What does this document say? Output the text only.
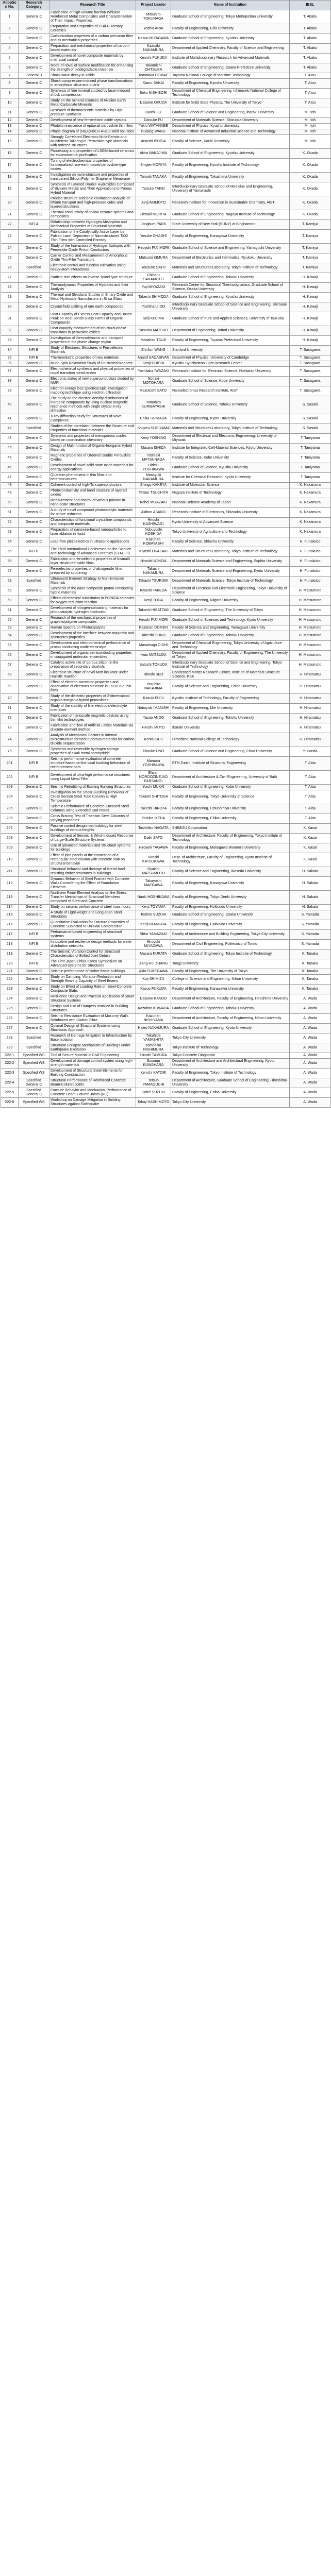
Adoption No.	Research Category	Research Title	Project Leader	Name of Institution	IBSL
1	General C	Fabrication of high-volume fraction Whisker Reinforced Metal Composites and Characterization of Their Impact Properties	Mitsuhiro TOKUNAGA	Graduate School of Engineering, Tokyo Metropolitan University	T. Akabu
2	General C	Preparation and Properties of Ti-Al-C Ternary Ceramics	Yoshio ARAI	Faculty of Engineering, Gifu University	T. Akabu
3	General C	Carbonization properties of a carbon precursor fiber and its mechanical properties	Nasuo MIYAGAWA	Graduate School of Engineering, Kyushu University	T. Akabu
4	General C	Preparation and mechanical properties of carbon-based materials	Kazuaki NAKAMURA	Department of Applied Chemistry, Faculty of Science and Engineering	T. Akabu
5	General C	Development of novel composite materials by interfacial control	Kenichi FUKUDA	Institute of Multidisciplinary Research for Advanced Materials	T. Akabu
6	General C	Mode of novel of surface modification for enhancing the strength of biodegradable materials	Takamichi OHTSUKA	Graduate School of Engineering, Osaka Prefecture University	T. Akabu
7	General B	Shock wave decay in solids	Tomotaka HOMAE	Toyama National College of Maritime Technology	T. Atou
8	General C	Shock-compression-induced phase transformations in amorphous silica and quartz	Kaoru SAKAI	Faculty of Engineering, Kyushu University	T. Atou
9	General C	Synthesis of fine mineral studied by laser-induced shock compression	Eriko NISHIBORI	Department of Chemical Engineering, Ichinoseki National College of Technology	T. Atou
10	General C	Study on the mineral sciences of Alkaline Earth Metal Carbonate Minerals	Daisuke OKUDA	Institute for Solid State Physics, The University of Tokyo	T. Atou
11	General C	Research of thermoelectric materials by High pressure Synthesis	Daichi FU	Graduate School of Science and Engineering, Ibaraki University	M. Itoh
12	General C	Development of new ferroelectric oxide crystals	Daisuke FU	Department of Materials Science, Shizuoka University	M. Itoh
13	General C	Photoluminescence of epitaxial perovskite thin films	Yukio WATANABE	Department of Physics, Kyushu University	M. Itoh
14	General C	Phase diagram of (Na,K)NbO3-ABO3 solid solutions	Ruiping WANG	National Institute of Advanced Industrial Science and Technology	M. Itoh
15	General C	Strongly Correlated Electronic Multi-Ferroic and Multiferroic Tailoring in Perovskite-type Materials with ordered structures	Atsushi ISHIDA	Faculty of Science, Kochi University	M. Itoh
16	General C	Processing and properties of LSGM-based ceramics for environmental purification	Akira NAKAJIMA	Graduate School of Engineering, Kyushu University	K. Okada
17	General C	Tuning of electrochemical properties of functionalized rare-earth-based perovskite-type oxides	Shigeo MORIYA	Faculty of Engineering, Kyushu Institute of Technology	K. Okada
18	General C	Investigation on nano-structure and properties of transparent Silicon Polymer Graphene Membrane	Tomoki TANAKA	Faculty of Engineering, Tokushima University	K. Okada
19	General C	Synthesis of Layered Double Hydroxides Composed of Bivalent Metals and Their Applications to Porous Hybrid Material	Tatsuro TAKEI	Interdisciplinary Graduate School of Medicine and Engineering, University of Yamanashi	K. Okada
20	General C	Precise structure and ionic conduction analysis of lithium transport and high-pressure cubic and layered structures	Junji AKIMOTO	Research Institute for Innovation in Sustainable Chemistry, AIST	K. Okada
21	General C	Thermal conductivity of hollow ceramic spheres and composites	Hiroaki MORITA	Graduate School of Engineering, Nagoya Institute of Technology	K. Okada
22	NFI A	Relationship between Hydrogen Absorption and Mechanical Properties of Structural Materials	Jongbum PARK	State University of New York (SUNY) at Binghamton	T. Kamiya
23	General C	Fabrication of the Catalytically Active Layer by Pulsed Laser Deposition of Nanostructured TiO2 Thin Films with Controlled Porosity	Yosuke OHASHI	Faculty of Engineering, Kanagawa University	T. Kamiya
24	General C	Study of the Interaction of Hydrogen Isotopes with Perovskite Oxide Proton Conductors	Hiroyuki FUJIMORI	Graduate School of Science and Engineering, Yamaguchi University	T. Kamiya
25	General C	Carrier Control and Measurement of Amorphous Oxide Thin-Film Transistors	Mutsumi KIMURA	Department of Electronics and Informatics, Ryukoku University	T. Kamiya
26	Specified	Electronic control and function cultivation using heavy-atom interactions	Yousuke SATO	Materials and Structures Laboratory, Tokyo Institute of Technology	T. Kamiya
27	General C	Particle-size effects on inverse spinel type structure	Chiharu SAKAMOTO	Graduate School of Engineering, Tohoku University	H. Kawaji
28	General C	Thermodynamic Properties of Hydrates and their Analysis	Yuji MIYAZAKI	Research Center for Structural Thermodynamics, Graduate School of Science, Osaka University	H. Kawaji
29	General C	Thermal and Structural Studies of Binary Oxide and Metal Hydroxide Nanoclusters in Silica Glass	Takeshi SHIMODA	Graduate School of Engineering, Kyushu University	H. Kawaji
30	General C	Crystal-field splitting of rare earth compounds	Yoshiharu IDO	Interdisciplinary Graduate School of Science and Engineering, Shimane University	H. Kawaji
31	General C	Heat Capacity of Excess Heat Capacity and Boson Peak on Heat Bonds Glass Forms of Organic Compounds	Seiji KOJIMA	Graduate School of Pure and Applied Sciences, University of Tsukuba	H. Kawaji
32	General C	Heat capacity measurement of structural phase transitions in perovskite oxides	Susumu MATSUO	Department of Engineering, Tottori University	H. Kawaji
33	General C	Investigation of thermodynamic and transport properties in the phase change region	Masahiro TSUJI	Faculty of Engineering, Toyama Prefectural University	H. Kawaji
34	NFI B	Study of Electronic Structures in Ferroelectric Materials	Zhi-Jun WANG	Stanford University	T. Sasagawa
35	NFI B	Thermoelectric properties of new materials	Anand SADASIVAN	Department of Physics, University of Cambridge	T. Sasagawa
36	General C	Muon Spin Relaxation Study of Frustrated Magnets	Kenji OHISHI	Kyushu Synchrotron Light Research Center	T. Sasagawa
37	General C	Electrochemical synthesis and physical properties of novel transition metal oxides	Yoshitaka IWAZAKI	Research Institute for Electronic Science, Hokkaido University	T. Sasagawa
38	General C	Electronic states of new superconductors studied by NMR	Noriaki MOTOHARA	Graduate School of Science, Kobe University	T. Sasagawa
39	General C	Electron-energy loss spectroscopic investigation mapping technique using electron diffraction	Kazutoshi SATO	Nanoelectronics Research Institute, AIST	T. Sasagawa
40	General C	The study on the electron density distributions of inorganic compounds by using nuclear magnetic resonance methods with single crystal X-ray diffraction	Tomohiro KURIBAYASHI	Graduate School of Science, Tohoku University	S. Sasaki
41	General C	X-ray diffraction study for Structures of Novel Complexes	Chika SHIMADA	Faculty of Engineering, Kyoto University	S. Sasaki
42	Specified	Studies of the correlation between the Structure and Properties of functional materials	Shigeru SUGIYAMA	Materials and Structures Laboratory, Tokyo Institute of Technology	S. Sasaki
43	General C	Synthesis and properties of mesoporous oxides based on coordination chemistry	Kenji YOSHINO	Department of Electrical and Electronic Engineering, University of Miyazaki	T. Taniyama
44	General C	Design of Multi-functional Organic-Inorganic Hybrid Materials	Masaru ISHIDA	Institute for Integrated Cell-Material Sciences, Kyoto University	T. Taniyama
45	General C	Magnetic properties of Ordered Double Perovskite Oxides	Yoshiaki MATSUNAGA	Faculty of Science, Kobe University	T. Taniyama
46	General C	Development of novel solid-state oxide materials for energy applications	Hideki YOSHIKAWA	Graduate School of Science, Kyushu University	T. Taniyama
47	General C	Quantum phenomena in thin films and heterostructures	Masayuki NAKAMURA	Institute for Chemical Research, Kyoto University	T. Taniyama
48	General C	Coherent control of high-Tc superconductors	Shingo KAKEYA	Institute of Molecular Science	K. Nakamura
49	General C	Photoconductivity and band structure of layered oxides	Tetsuo TSUCHIYA	Nagoya Institute of Technology	K. Nakamura
50	General C	Measurement and control of various polaron in nano-scale structures	Kohei MIYAZAKI	National Defense Academy of Japan	K. Nakamura
51	General C	A study of novel compound photocatalytic materials for nitrate reduction	Akihiro ASANO	Research Institute of Electronics, Shizuoka University	K. Nakamura
52	General C	Characteristics of functional crystalline compounds and composite materials	Hiroshi KASHIWAGI	Kyoto University of Advanced Science	K. Nakamura
53	General C	Preparation of nanowire-based nanoparticles to laser ablation in liquid	Nobuyoshi KOSHIDA	Tokyo University of Agriculture and Technology	K. Nakamura
54	General C	Lead-free piezoelectrics in ultrasonic applications	Kazuhiro KOBAYASHI	Faculty of Science, Shinshu University	H. Funakubo
55	NFI B	The Third International Conference on the Science and Technology of Advanced Ceramics (STAC-III)	Kiyoshi OKAZAKI	Materials and Structures Laboratory, Tokyo Institute of Technology	H. Funakubo
56	General C	Fabrication and ferroelectric properties of bismuth layer-structured oxide films	Hiroshi UCHIDA	Department of Materials Science and Engineering, Sophia University	H. Funakubo
57	General C	Ferroelectric properties of chalcogenide films prepared by sputtering	Takashi NAKAMURA	Department of Materials Science and Engineering, Kyoto University	H. Funakubo
58	Specified	Ultrasound Element Strategy to Non-Emission Materials	Takashi TSURUMI	Department of Materials Science, Tokyo Institute of Technology	H. Funakubo
59	General C	Synthesis of the nano-composite proton-conducting hybrid materials	Kiyoshi TAKEDA	Department of Electrical and Electronic Engineering, Tokyo University of Science	H. Matsumoto
60	General C	Effects of chemical substitution in Pr2NiO4 cathodes for oxygen reduction reaction	Kenji TODA	Faculty of Engineering, Niigata University	H. Matsumoto
61	General C	Development of nitrogen-containing materials for photocatalytic hydrogen production	Takashi HISATOMI	Graduate School of Engineering, The University of Tokyo	H. Matsumoto
62	General C	Research of the mechanical properties of graphite/polymer composites	Hiroshi FUJIMORI	Graduate School of Sciences and Technology, Kyoto University	H. Matsumoto
63	General C	Raman Spectra on Photocatalysts	Kazunari DOMEN	Faculty of Science and Engineering, Tamagawa University	H. Matsumoto
64	General C	Development of the interface between magnetic and spintronics properties	Takeshi OHNO	Graduate School of Engineering, Tohoku University	H. Matsumoto
65	General C	Development and electrochemical performance of proton conducting oxide electrolyte	Masatsugu OISHI	Department of Chemical Engineering, Tokyo University of Agriculture and Technology	H. Matsumoto
66	General C	Development of organic semiconducting properties in conjugated molecular ensembles	Iwao MATSUDA	Department of Applied Chemistry, Faculty of Engineering, The University of Tokyo	H. Matsumoto
67	General C	Catalytic active site of porous silicon in the preparation of secondary alcohols	Satoshi TOKUDA	Interdisciplinary Graduate School of Science and Engineering, Tokyo Institute of Technology	H. Matsumoto
68	General C	Electronic structure of novel Mott insulator under realistic reaction	Hitoshi SEO	Condensed Matter Research Center, Institute of Materials Structure Science, KEK	H. Hiramatsu
69	General C	Effect of electron correction properties and observation of electrons structure in LaCuOSe thin films	Yasuhiro NAKAJIMA	Faculty of Science and Engineering, Chiba University	H. Hiramatsu
70	General C	Study of the dielectric properties of 2-dimensional organic-inorganic hybrid perovskites	Kazuki FUJII	Kyushu Institute of Technology, Faculty of Engineering	H. Hiramatsu
71	General C	Study of the stability of fine electrode/electrolyte interfaces	Nobuyuki IMANISHI	Faculty of Engineering, Mie University	H. Hiramatsu
72	General C	Fabrication of nanoscale magnetic devices using thin film technologies	Yasuo ANDO	Graduate School of Engineering, Tohoku University	H. Hiramatsu
73	General C	Fabrication and flow of Artificial Lattice Materials via discrete-element method	Hiroshi MUTO	Ibaraki University	H. Hiramatsu
74	General C	Analysis of Mechanical Factors in Internal microstructure formed in porous materials for carbon dioxide sequestration	Kenta ISHII	Hiroshima National College of Technology	H. Hiramatsu
75	General C	Synthesis and reversible hydrogen storage properties of alkali metal borohydride	Taisuke ONO	Graduate School of Science and Engineering, Chuo University	Y. Honda
201	NFI B	Seismic performance evaluation of concrete structure based on the local buckling behaviour of reinforcement bars	Mamoru YOSHIMURA	ETH Zurich, Institute of Structural Engineering	T. Aiba
202	NFI B	Development of ultra-high performance structures using Liquid Metal Filler	Ehsan NOROOZINEJAD FARSANGI	Department of Architecture & Civil Engineering, University of Bath	T. Aiba
203	General C	Seismic Retrofitting of Existing Building Structures	Yoichi MUKAI	Graduate School of Engineering, Kobe University	T. Aiba
204	General C	Investigation on the Shear Buckling Behaviour of Cross Section Steel Tube Column at High Temperature	Takashi SHITOGA	Faculty of Engineering, Tokyo University of Science	T. Aiba
205	General C	Seismic Performance of Concrete-Encased Steel Columns using Extended End Plates	Takeshi HIROTA	Faculty of Engineering, Utsunomiya University	T. Aiba
206	General C	Cross Bracing Test of T-section Steel Columns of varying properties	Yosuke IKEDA	Faculty of Engineering, Chiba University	T. Aiba
207	General C	Passive control design methodology for steel buildings of various heights	Toshihiko NAGATA	SHIMIZU Corporation	K. Kasai
208	General C	Development of Seismic & Wind-Induced Response of Large-Scale Structure Systems	Daiki SATO	Department of Architecture, Faculty of Engineering, Tokyo Institute of Technology	K. Kasai
209	General C	Use of advanced materials and structural systems for buildings	Hiroyuki TAGAWA	Faculty of Engineering, Mukogawa Women's University	K. Kasai
210	General C	Effect of joint panels at the connection of a rectangular steel column with concrete slab on structural behavior	Hiroshi KATSUKAWA	Dept. of Architecture, Faculty of Engineering, Kyoto Institute of Technology	K. Kasai
211	General C	Structural behavior and damage of lateral-load resisting timber structures in buildings	Ryuichi MATSUMOTO	Faculty of Science and Engineering, Waseda University	H. Sakata
212	General C	Dynamic Behavior of Steel Frames with Concrete Walls Considering the Effect of Foundation Elements	Takayoshi MAEGAWA	Faculty of Engineering, Kanagawa University	H. Sakata
213	General C	Nonlinear Finite Element Analysis on the Stress Transfer Mechanism of Structural Members composed of Steel and Concrete	Naoki HOSHIKAWA	Faculty of Engineering, Tokyo Denki University	H. Sakata
214	General C	Study on seismic performance of steel truss floors	Kenji TOYAMA	Faculty of Engineering, Hokkaido University	H. Sakata
215	General C	A Study of Light-weight and Long-span Steel Structures	Toshiro SUZUKI	Graduate School of Engineering, Osaka University	S. Yamada
216	General C	Quantitative Evaluation for Fracture Properties of Concrete Subjected to Uniaxial Compression	Kenji IMAMURA	Faculty of Engineering, Hokkaido University	S. Yamada
217	NFI B	Performance-based engineering of structural systems	Shiro YAMAZAKI	Faculty of Architecture and Building Engineering, Tokyo City University	S. Yamada
218	NFI B	Innovative and resilience design methods for water distribution networks	Hiroyuki MIYAZAWA	Department of Civil Engineering, Politecnico di Torino	S. Yamada
219	General C	The Seismic Vibration Control for Structural Characteristics of Bolted Joint Details	Masaru KURATA	Graduate School of Engineering, Tokyo Institute of Technology	K. Tanaka
220	NFI B	The First Japan-China-Korea Symposium on Advanced Systems for Structures	Jiang-Hui ZHANG	Tongji University	K. Tanaka
221	General C	Seismic performance of timber frame buildings	Akio SUKEGAWA	Faculty of Engineering, The University of Tokyo	K. Tanaka
222	General C	Study on Damping, Vibration Reduction and Strength Bearing Capacity of Steel Beams	Koji SHIMIZU	College of Science and Engineering, Nihon University	K. Tanaka
223	General C	Study on Effect of Loading Rate on Steel-Concrete Composite Slabs	Kazuo FUKUDA	Faculty of Engineering, Kanazawa University	K. Tanaka
224	General C	Resilience Design and Practical Application of Smart Structural Systems	Daisuke KANDO	Department of Architecture, Faculty of Engineering, Hiroshima University	A. Wada
225	General C	Design and Use of Dampers Installed in Building Structures	Kazuhiro KUWADA	Graduate School of Engineering, Tohoku University	A. Wada
226	General C	Seismic Resistance Evaluation of Masonry Walls Reinforced with Carbon Fibre	Kazunari NISHIYAMA	Department of Architecture, Faculty of Engineering, Nihon University	A. Wada
227	General C	Optimal Design of Structural Systems using Stochastic Approach	Hideo NAKAMURA	Graduate School of Engineering, Kyoto University	A. Wada
228	Specified	Research of Damage Mitigation in Infrastructure by Base Isolation	Takahide YAMASHITA	Tokyo City University	A. Wada
229	Specified	Structural Collapse Mechanism of Buildings under Earthquake Excitation	Tomohiko NISHIMURA	Tokyo Institute of Technology	A. Wada
222-1	Specified WS	Tool of Secure Material in Civil Engineering	Hiroshi TAMURA	Tokyo Concrete Diagnostic	A. Wada
222-2	Specified WS	Development of damage control system using high-strength materials	Susumu KUWAHARA	Department of Architecture and Architectural Engineering, Kyoto University	A. Wada
222-3	Specified WS	Development of Structural Steel Elements for Building Construction	Kenichi KATORI	Faculty of Engineering, Tokyo Institute of Technology	A. Wada
222-4	Specified General C	Structural Performance of Reinforced Concrete Beam-Column Joints	Tetsuo YAMAGUCHI	Department of Architecture, Graduate School of Engineering, Hiroshima University	A. Wada
222-5	Specified General C	Fracture Behavior and Mechanical Performance of Concrete Beam-Column Joints (RC)	Kohei SUZUKI	Faculty of Engineering, Chiba University	A. Wada
222-6	Specified WS	Workshop on Damage Mitigation in Building Structures against Earthquake	Takuji HASHIMOTO	Tokyo City University	A. Wada
